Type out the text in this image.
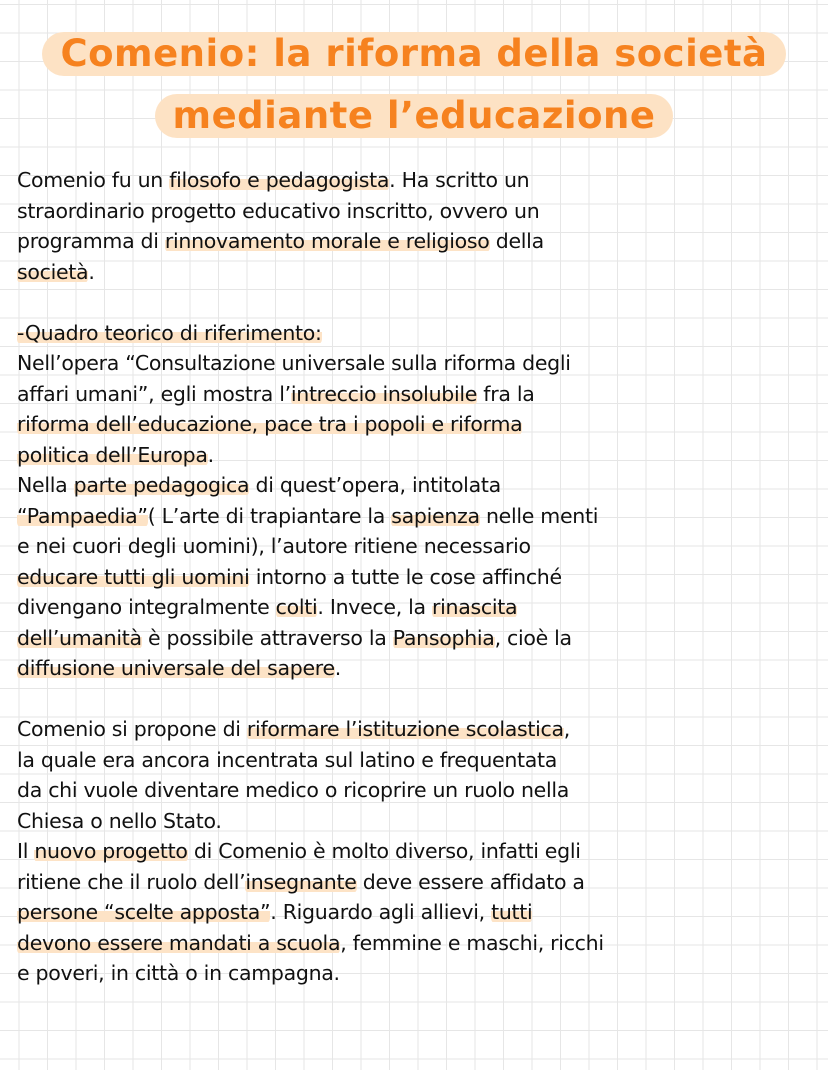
Comenio: la riforma della società
mediante l’educazione
Comenio fu un filosofo e pedagogista. Ha scritto un
straordinario progetto educativo inscritto, ovvero un
programma di rinnovamento morale e religioso della
società.

-Quadro teorico di riferimento:
Nell’opera “Consultazione universale sulla riforma degli
affari umani”, egli mostra l’intreccio insolubile fra la
riforma dell’educazione, pace tra i popoli e riforma
politica dell’Europa.
Nella parte pedagogica di quest’opera, intitolata
“Pampaedia”( L’arte di trapiantare la sapienza nelle menti
e nei cuori degli uomini), l’autore ritiene necessario
educare tutti gli uomini intorno a tutte le cose affinché
divengano integralmente colti. Invece, la rinascita
dell’umanità è possibile attraverso la Pansophia, cioè la
diffusione universale del sapere.

Comenio si propone di riformare l’istituzione scolastica,
la quale era ancora incentrata sul latino e frequentata
da chi vuole diventare medico o ricoprire un ruolo nella
Chiesa o nello Stato.
Il nuovo progetto di Comenio è molto diverso, infatti egli
ritiene che il ruolo dell’insegnante deve essere affidato a
persone “scelte apposta”. Riguardo agli allievi, tutti
devono essere mandati a scuola, femmine e maschi, ricchi
e poveri, in città o in campagna.
